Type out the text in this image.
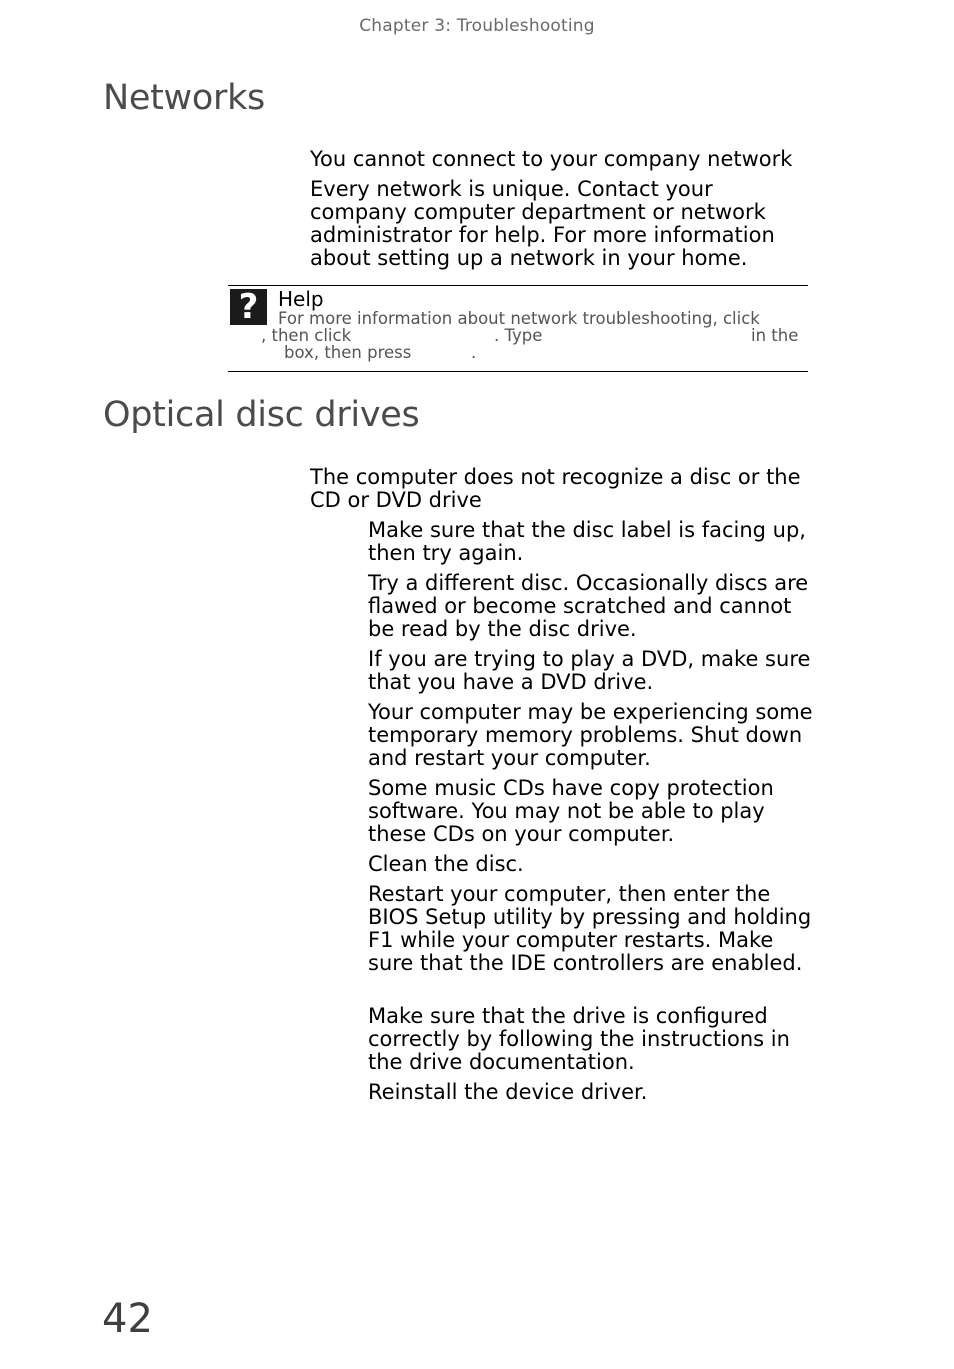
Chapter 3: Troubleshooting
Networks

You cannot connect to your company network

Every network is unique. Contact your company computer department or network administrator for help. For more information about setting up a network in your home.

? Help
For more information about network troubleshooting, click
, then click	. Type	in the
box, then press	.
Optical disc drives

The computer does not recognize a disc or the CD or DVD drive

Make sure that the disc label is facing up, then try again.

Try a different disc. Occasionally discs are flawed or become scratched and cannot be read by the disc drive.

If you are trying to play a DVD, make sure that you have a DVD drive.

Your computer may be experiencing some temporary memory problems. Shut down and restart your computer.

Some music CDs have copy protection software. You may not be able to play these CDs on your computer.

Clean the disc.

Restart your computer, then enter the BIOS Setup utility by pressing and holding F1 while your computer restarts. Make sure that the IDE controllers are enabled.

Make sure that the drive is configured correctly by following the instructions in the drive documentation.

Reinstall the device driver.

42
